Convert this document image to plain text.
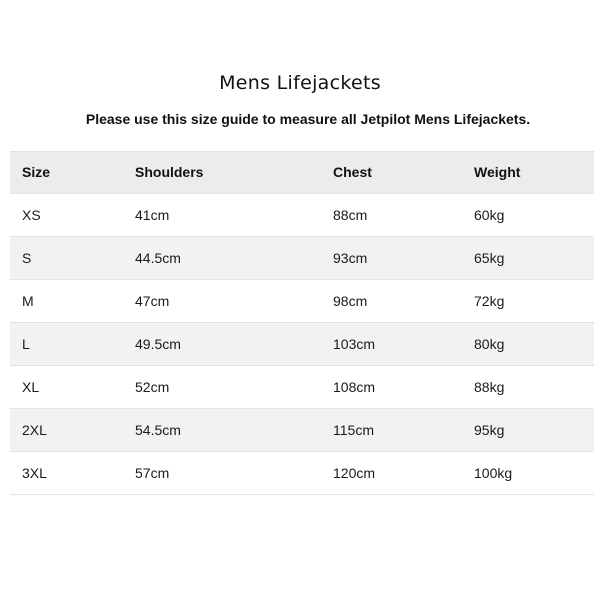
Mens Lifejackets

Please use this size guide to measure all Jetpilot Mens Lifejackets.

Size	Shoulders	Chest	Weight
XS	41cm	88cm	60kg
S	44.5cm	93cm	65kg
M	47cm	98cm	72kg
L	49.5cm	103cm	80kg
XL	52cm	108cm	88kg
2XL	54.5cm	115cm	95kg
3XL	57cm	120cm	100kg
